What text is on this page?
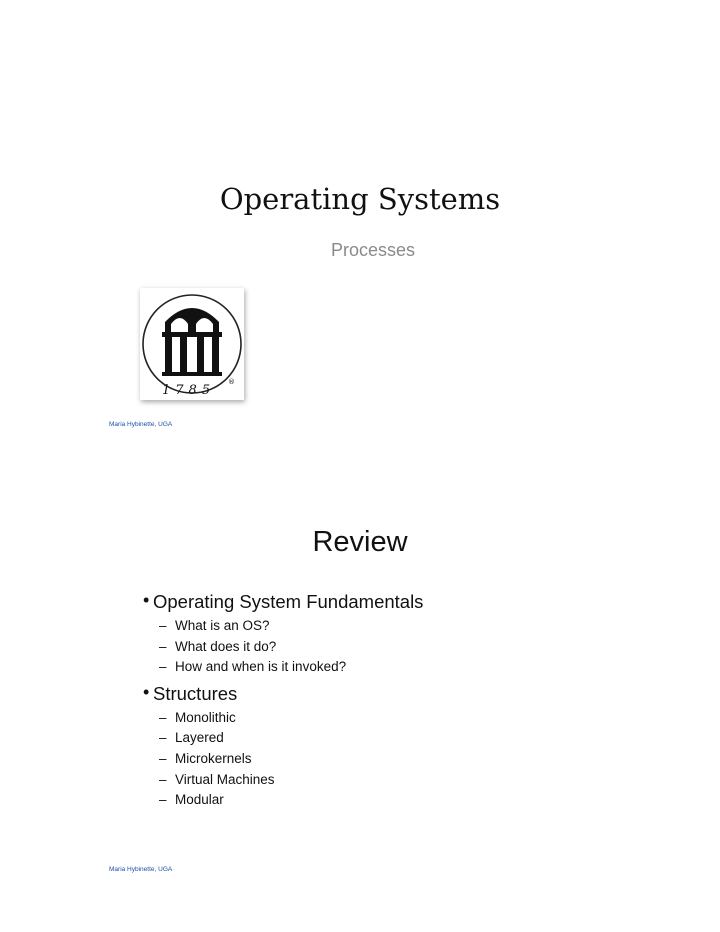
Operating Systems
Processes
1785
®
Maria Hybinette, UGA
Review
• Operating System Fundamentals
– What is an OS?
– What does it do?
– How and when is it invoked?
• Structures
– Monolithic
– Layered
– Microkernels
– Virtual Machines
– Modular
Maria Hybinette, UGA
